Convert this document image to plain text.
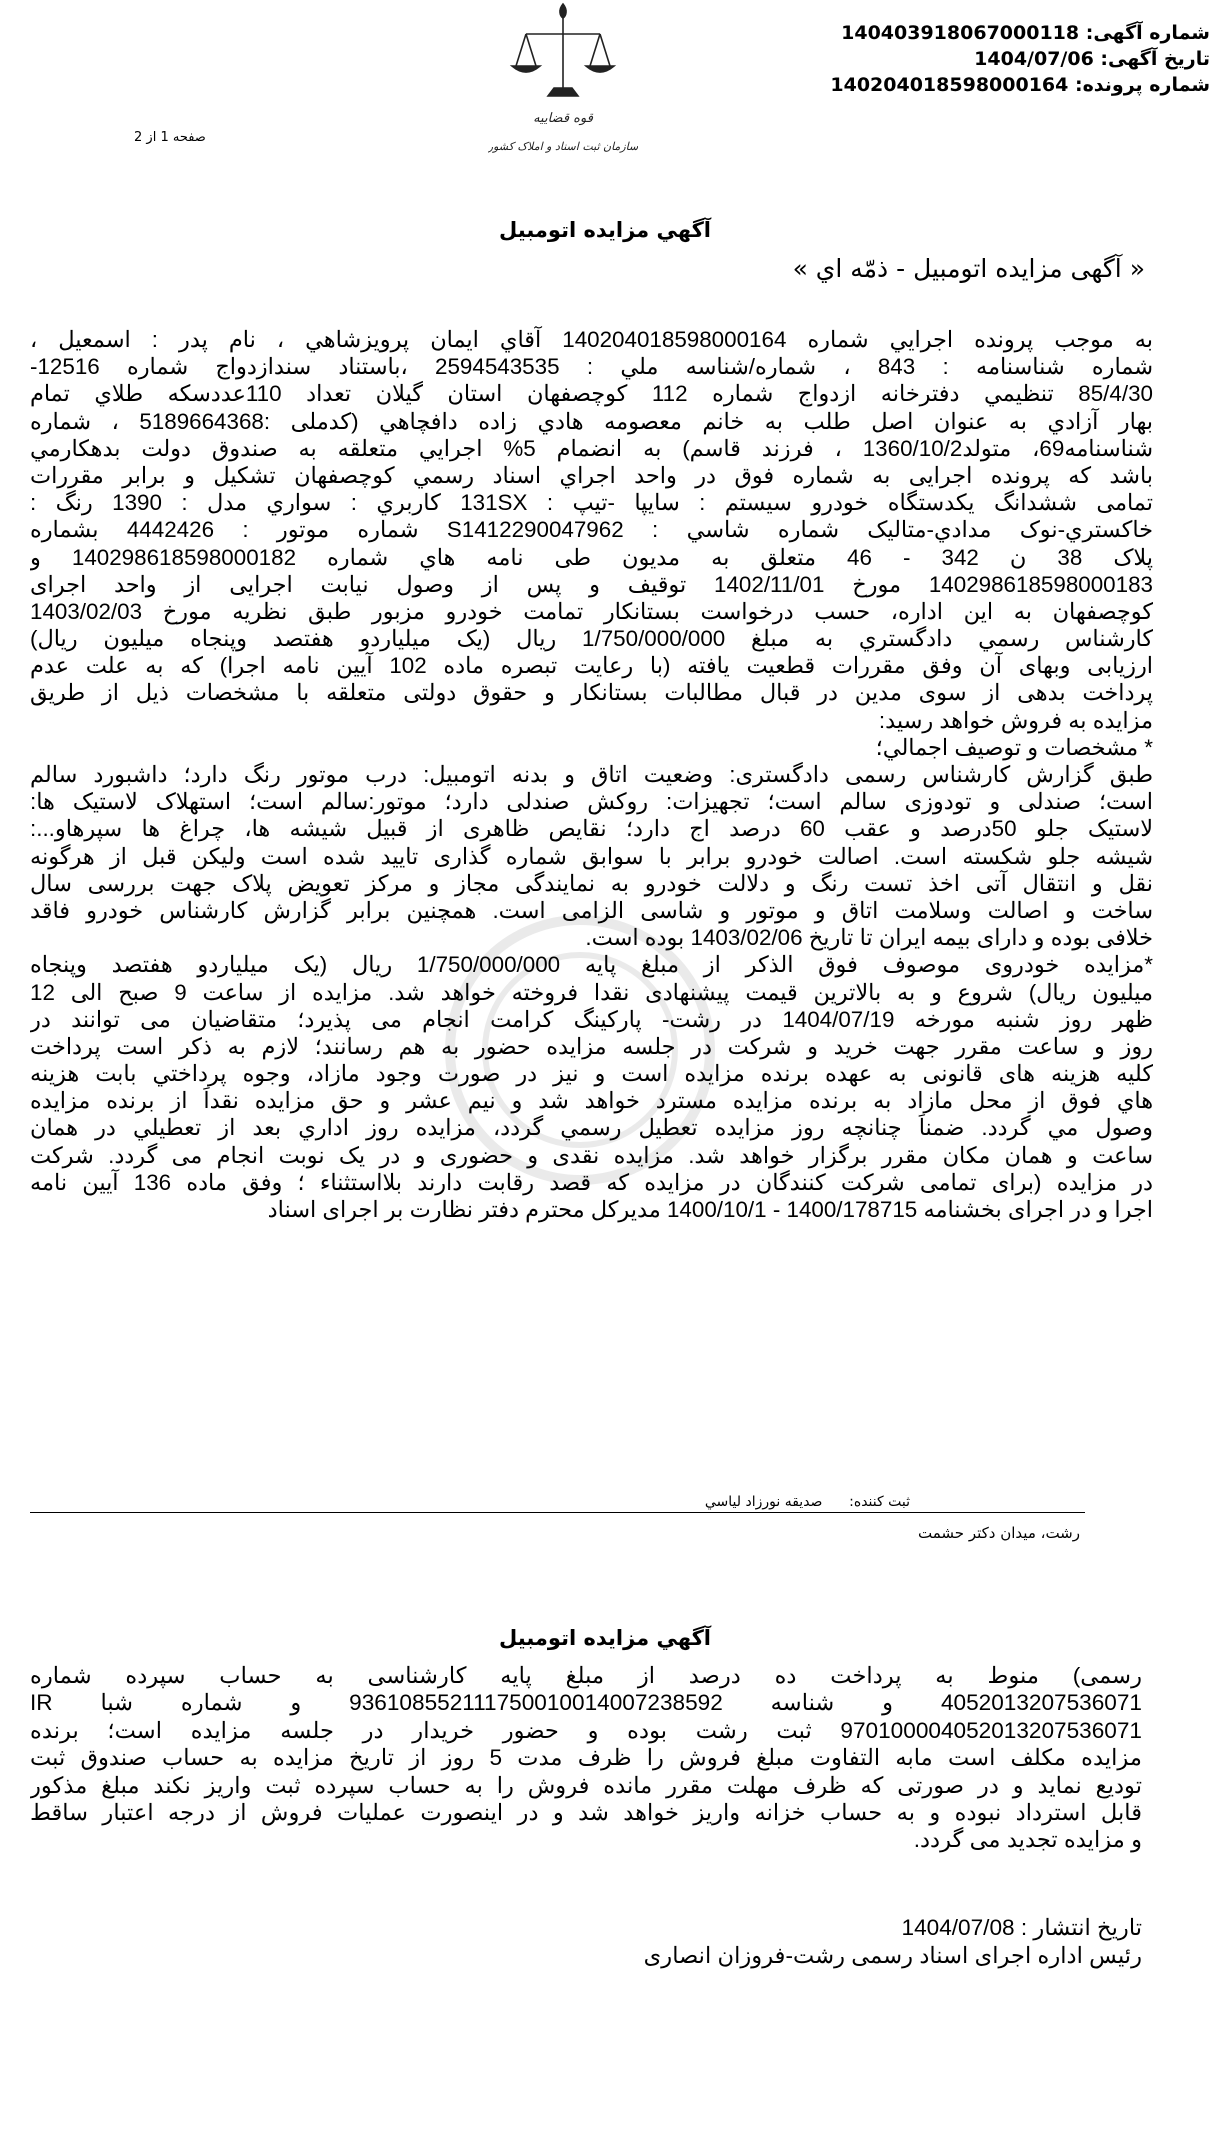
شماره آگهی: 140403918067000118
تاریخ آگهی: 1404/07/06
شماره پرونده: 140204018598000164
قوه قضاییه
سازمان ثبت اسناد و املاک کشور
صفحه 1 از 2
آگهي مزايده اتومبيل
« آگهی مزایده اتومبیل - ذمّه اي »
به موجب پرونده اجرايي شماره 140204018598000164 آقاي ايمان پرويزشاهي ، نام پدر : اسمعيل ،
شماره شناسنامه : 843 ، شماره/شناسه ملي : 2594543535 ،باستناد سندازدواج شماره 12516-
85/4/30 تنظيمي دفترخانه ازدواج شماره 112 كوچصفهان استان گيلان تعداد 110عددسكه طلاي تمام
بهار آزادي به عنوان اصل طلب به خانم معصومه هادي زاده دافچاهي (كدملى :5189664368 ، شماره
شناسنامه69، متولد1360/10/2 ، فرزند قاسم) به انضمام 5% اجرايي متعلقه به صندوق دولت بدهكارمي
باشد كه پرونده اجرايى به شماره فوق در واحد اجراي اسناد رسمي كوچصفهان تشكيل و برابر مقررات
تمامى ششدانگ يكدستگاه خودرو سيستم : سايپا -تيپ : 131SX كاربري : سواري مدل : 1390 رنگ :
خاكستري-نوک مدادي-متاليک شماره شاسي : S1412290047962 شماره موتور : 4442426 بشماره
پلاک 38 ن 342 - 46 متعلق به مديون طى نامه هاي شماره 140298618598000182 و
140298618598000183 مورخ 1402/11/01 توقيف و پس از وصول نيابت اجرايى از واحد اجراى
كوچصفهان به اين اداره، حسب درخواست بستانكار تمامت خودرو مزبور طبق نظريه مورخ 1403/02/03
كارشناس رسمي دادگستري به مبلغ 1/750/000/000 ريال (يک ميلياردو هفتصد وپنجاه ميليون ريال)
ارزيابى وبهاى آن وفق مقررات قطعيت يافته (با رعايت تبصره ماده 102 آيين نامه اجرا) كه به علت عدم
پرداخت بدهى از سوى مدين در قبال مطالبات بستانكار و حقوق دولتى متعلقه با مشخصات ذيل از طريق
مزايده به فروش خواهد رسيد:
* مشخصات و توصيف اجمالي؛
طبق گزارش كارشناس رسمى دادگسترى: وضعيت اتاق و بدنه اتومبيل: درب موتور رنگ دارد؛ داشبورد سالم
است؛ صندلى و تودوزى سالم است؛ تجهيزات: روكش صندلى دارد؛ موتور:سالم است؛ استهلاک لاستيک ها:
لاستيک جلو 50درصد و عقب 60 درصد اج دارد؛ نقايص ظاهرى از قبيل شيشه ها، چراغ ها سپرهاو...:
شيشه جلو شكسته است. اصالت خودرو برابر با سوابق شماره گذارى تاييد شده است وليكن قبل از هرگونه
نقل و انتقال آتى اخذ تست رنگ و دلالت خودرو به نمايندگى مجاز و مركز تعويض پلاک جهت بررسى سال
ساخت و اصالت وسلامت اتاق و موتور و شاسى الزامى است. همچنين برابر گزارش كارشناس خودرو فاقد
خلافى بوده و داراى بيمه ايران تا تاريخ 1403/02/06 بوده است.
*مزايده خودروى موصوف فوق الذكر از مبلغ پايه 1/750/000/000 ريال (يک ميلياردو هفتصد وپنجاه
ميليون ريال) شروع و به بالاترين قيمت پيشنهادى نقدا فروخته خواهد شد. مزايده از ساعت 9 صبح الى 12
ظهر روز شنبه مورخه 1404/07/19 در رشت- پاركينگ كرامت انجام مى پذيرد؛ متقاضيان مى توانند در
روز و ساعت مقرر جهت خريد و شركت در جلسه مزايده حضور به هم رسانند؛ لازم به ذكر است پرداخت
كليه هزينه هاى قانونى به عهده برنده مزايده است و نيز در صورت وجود مازاد، وجوه پرداختي بابت هزينه
هاي فوق از محل مازاد به برنده مزايده مسترد خواهد شد و نيم عشر و حق مزايده نقداً از برنده مزايده
وصول مي گردد. ضمناً چنانچه روز مزايده تعطيل رسمي گردد، مزايده روز اداري بعد از تعطيلي در همان
ساعت و همان مكان مقرر برگزار خواهد شد. مزايده نقدى و حضورى و در يک نوبت انجام مى گردد. شركت
در مزايده (براى تمامى شركت كنندگان در مزايده كه قصد رقابت دارند بلااستثناء ؛ وفق ماده 136 آيين نامه
اجرا و در اجراى بخشنامه 1400/178715 - 1400/10/1 مديركل محترم دفتر نظارت بر اجراى اسناد
ثبت كننده:      صديقه نورزاد لياسي
رشت، ميدان دكتر حشمت
آگهي مزايده اتومبيل
رسمى) منوط به پرداخت ده درصد از مبلغ پايه كارشناسى به حساب سپرده شماره
4052013207536071 و شناسه 936108552111750010014007238592 و شماره شبا IR
970100004052013207536071 ثبت رشت بوده و حضور خريدار در جلسه مزايده است؛ برنده
مزايده مكلف است مابه التفاوت مبلغ فروش را ظرف مدت 5 روز از تاريخ مزايده به حساب صندوق ثبت
توديع نمايد و در صورتى كه ظرف مهلت مقرر مانده فروش را به حساب سپرده ثبت واريز نكند مبلغ مذكور
قابل استرداد نبوده و به حساب خزانه واريز خواهد شد و در اينصورت عمليات فروش از درجه اعتبار ساقط
و مزايده تجديد مى گردد.
تاريخ انتشار : 1404/07/08
رئيس اداره اجراى اسناد رسمى رشت-فروزان انصارى
